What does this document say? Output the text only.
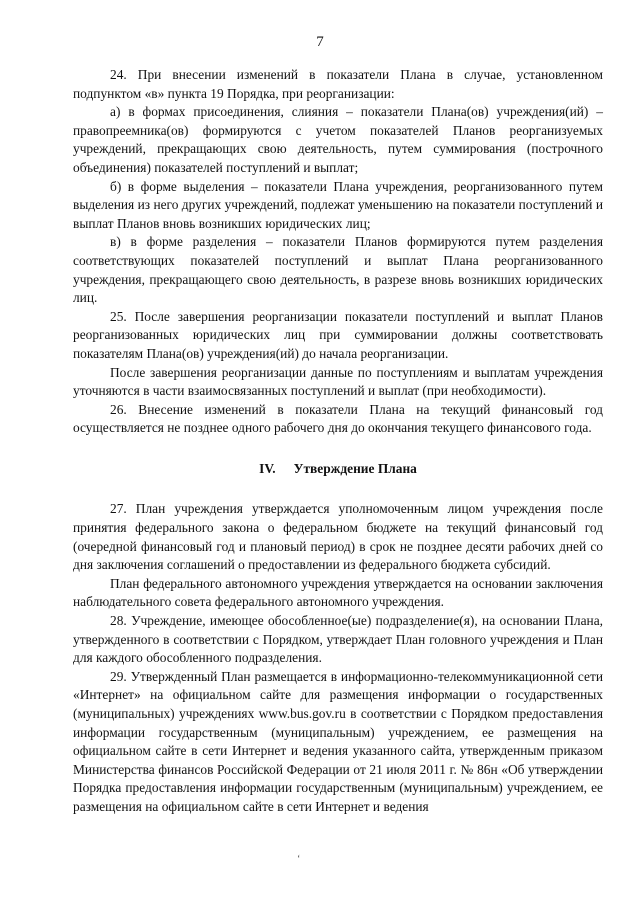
7

24. При внесении изменений в показатели Плана в случае, установленном подпунктом «в» пункта 19 Порядка, при реорганизации:

а) в формах присоединения, слияния – показатели Плана(ов) учреждения(ий) – правопреемника(ов) формируются с учетом показателей Планов реорганизуемых учреждений, прекращающих свою деятельность, путем суммирования (построчного объединения) показателей поступлений и выплат;

б) в форме выделения – показатели Плана учреждения, реорганизованного путем выделения из него других учреждений, подлежат уменьшению на показатели поступлений и выплат Планов вновь возникших юридических лиц;

в) в форме разделения – показатели Планов формируются путем разделения соответствующих показателей поступлений и выплат Плана реорганизованного учреждения, прекращающего свою деятельность, в разрезе вновь возникших юридических лиц.

25. После завершения реорганизации показатели поступлений и выплат Планов реорганизованных юридических лиц при суммировании должны соответствовать показателям Плана(ов) учреждения(ий) до начала реорганизации.

После завершения реорганизации данные по поступлениям и выплатам учреждения уточняются в части взаимосвязанных поступлений и выплат (при необходимости).

26. Внесение изменений в показатели Плана на текущий финансовый год осуществляется не позднее одного рабочего дня до окончания текущего финансового года.

IV. Утверждение Плана

27. План учреждения утверждается уполномоченным лицом учреждения после принятия федерального закона о федеральном бюджете на текущий финансовый год (очередной финансовый год и плановый период) в срок не позднее десяти рабочих дней со дня заключения соглашений о предоставлении из федерального бюджета субсидий.

План федерального автономного учреждения утверждается на основании заключения наблюдательного совета федерального автономного учреждения.

28. Учреждение, имеющее обособленное(ые) подразделение(я), на основании Плана, утвержденного в соответствии с Порядком, утверждает План головного учреждения и План для каждого обособленного подразделения.

29. Утвержденный План размещается в информационно-телекоммуникационной сети «Интернет» на официальном сайте для размещения информации о государственных (муниципальных) учреждениях www.bus.gov.ru в соответствии с Порядком предоставления информации государственным (муниципальным) учреждением, ее размещения на официальном сайте в сети Интернет и ведения указанного сайта, утвержденным приказом Министерства финансов Российской Федерации от 21 июля 2011 г. № 86н «Об утверждении Порядка предоставления информации государственным (муниципальным) учреждением, ее размещения на официальном сайте в сети Интернет и ведения

‘
